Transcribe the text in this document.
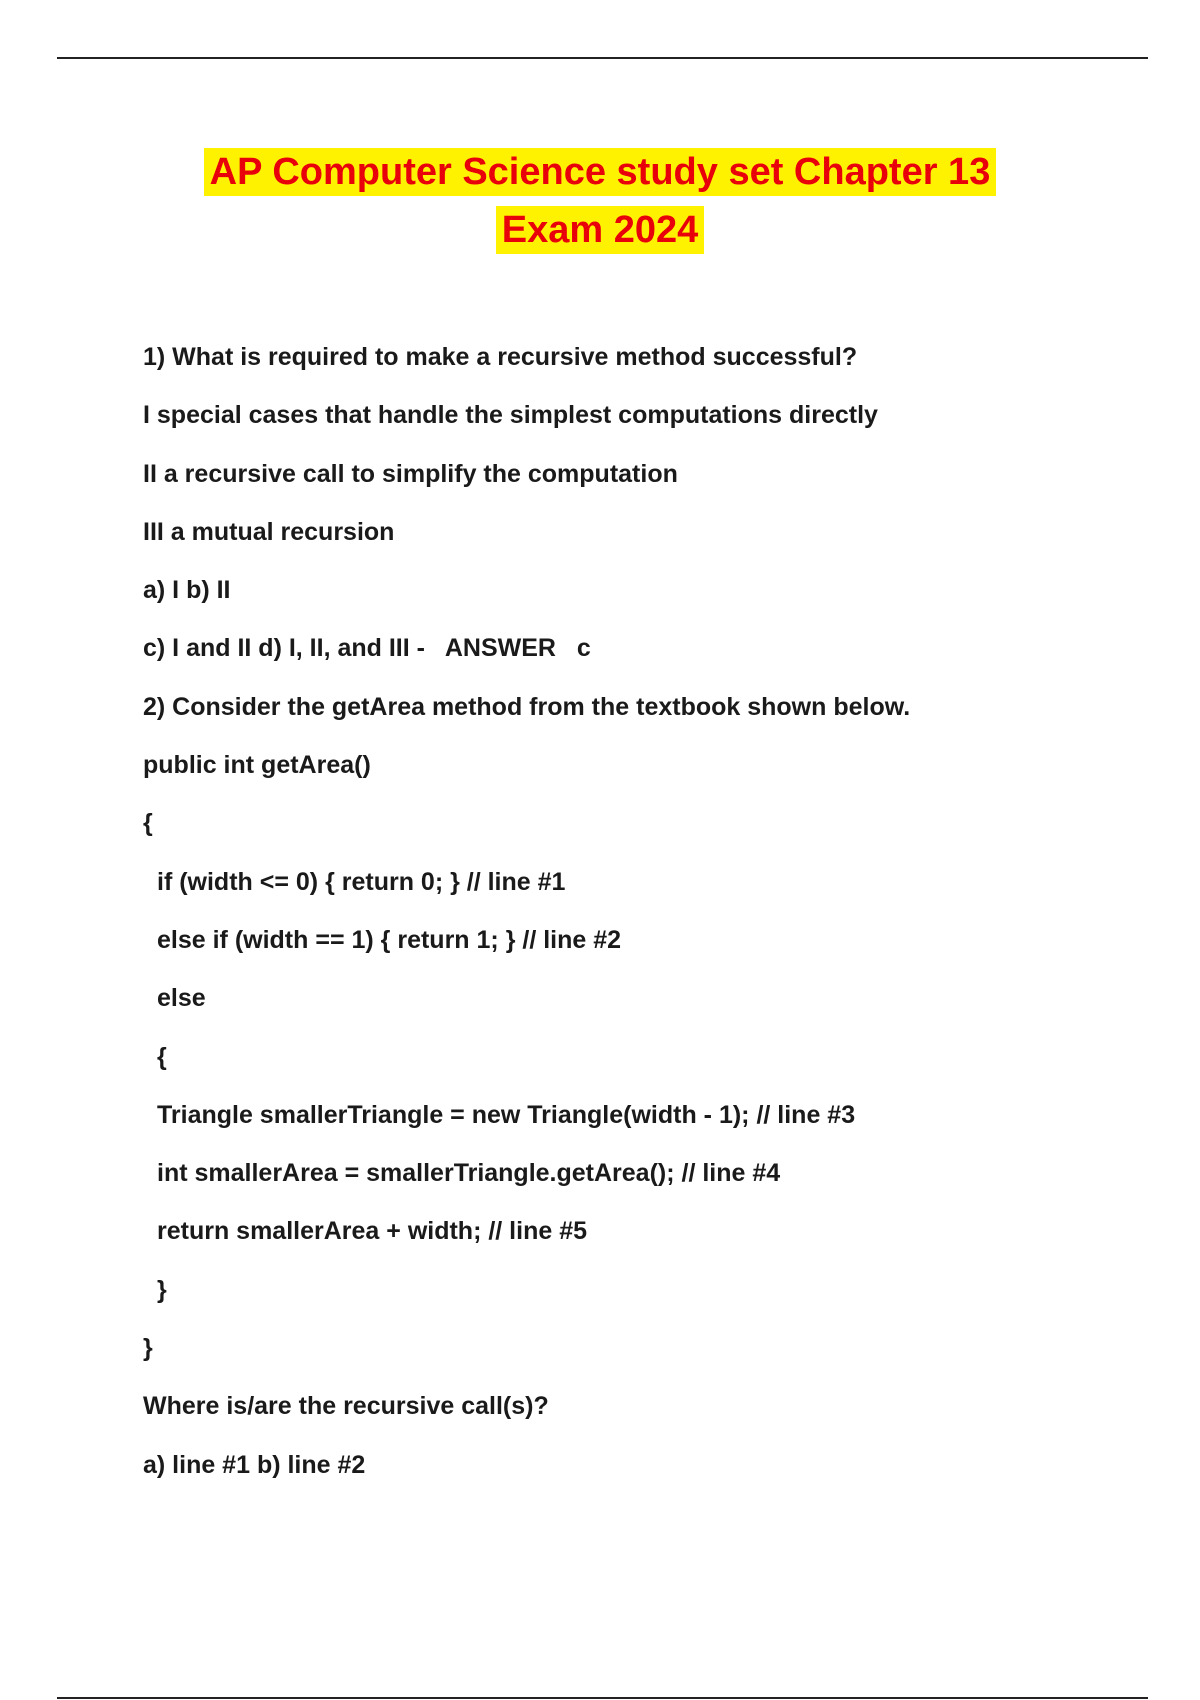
AP Computer Science study set Chapter 13
Exam 2024
1) What is required to make a recursive method successful?
I special cases that handle the simplest computations directly
II a recursive call to simplify the computation
III a mutual recursion
a) I b) II
c) I and II d) I, II, and III -   ANSWER   c
2) Consider the getArea method from the textbook shown below.
public int getArea()
{
if (width <= 0) { return 0; } // line #1
else if (width == 1) { return 1; } // line #2
else
{
Triangle smallerTriangle = new Triangle(width - 1); // line #3
int smallerArea = smallerTriangle.getArea(); // line #4
return smallerArea + width; // line #5
}
}
Where is/are the recursive call(s)?
a) line #1 b) line #2
